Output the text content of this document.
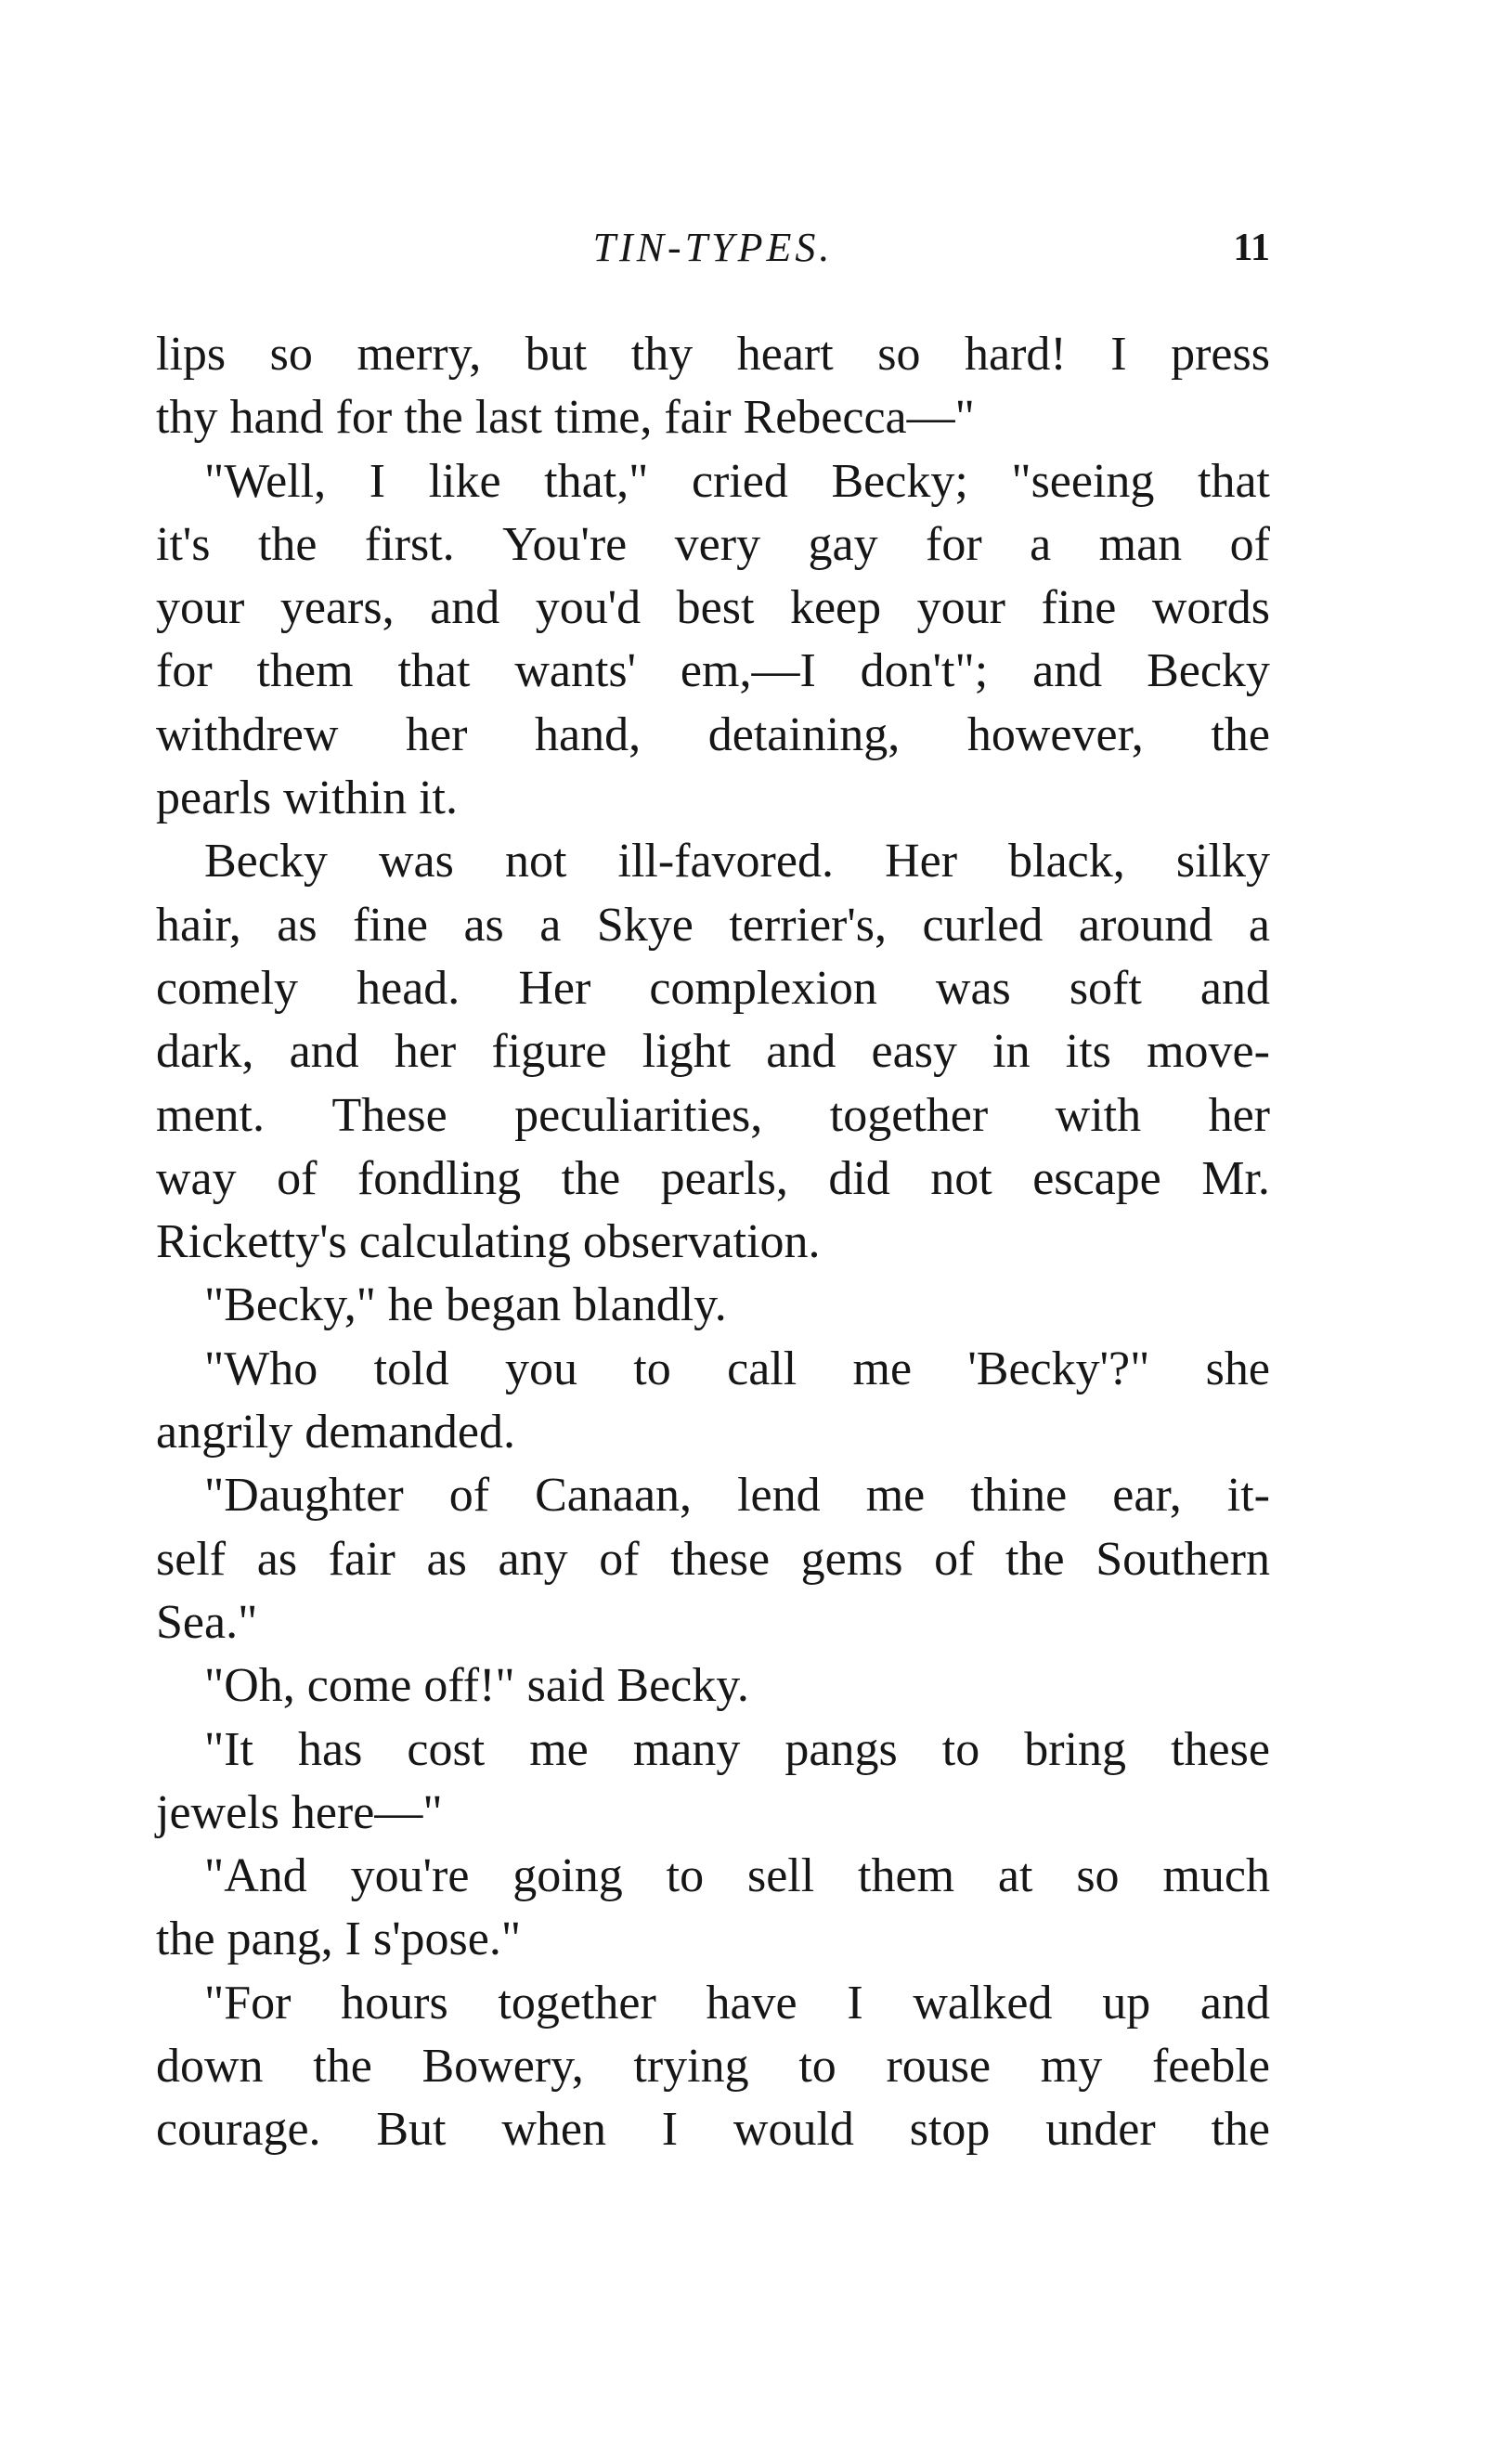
TIN-TYPES.	11
lips so merry, but thy heart so hard! I press
thy hand for the last time, fair Rebecca—"
"Well, I like that," cried Becky; "seeing that
it's the first. You're very gay for a man of
your years, and you'd best keep your fine words
for them that wants' em,—I don't"; and Becky
withdrew her hand, detaining, however, the
pearls within it.
Becky was not ill-favored. Her black, silky
hair, as fine as a Skye terrier's, curled around a
comely head. Her complexion was soft and
dark, and her figure light and easy in its move-
ment. These peculiarities, together with her
way of fondling the pearls, did not escape Mr.
Ricketty's calculating observation.
"Becky," he began blandly.
"Who told you to call me 'Becky'?" she
angrily demanded.
"Daughter of Canaan, lend me thine ear, it-
self as fair as any of these gems of the Southern
Sea."
"Oh, come off!" said Becky.
"It has cost me many pangs to bring these
jewels here—"
"And you're going to sell them at so much
the pang, I s'pose."
"For hours together have I walked up and
down the Bowery, trying to rouse my feeble
courage. But when I would stop under the
